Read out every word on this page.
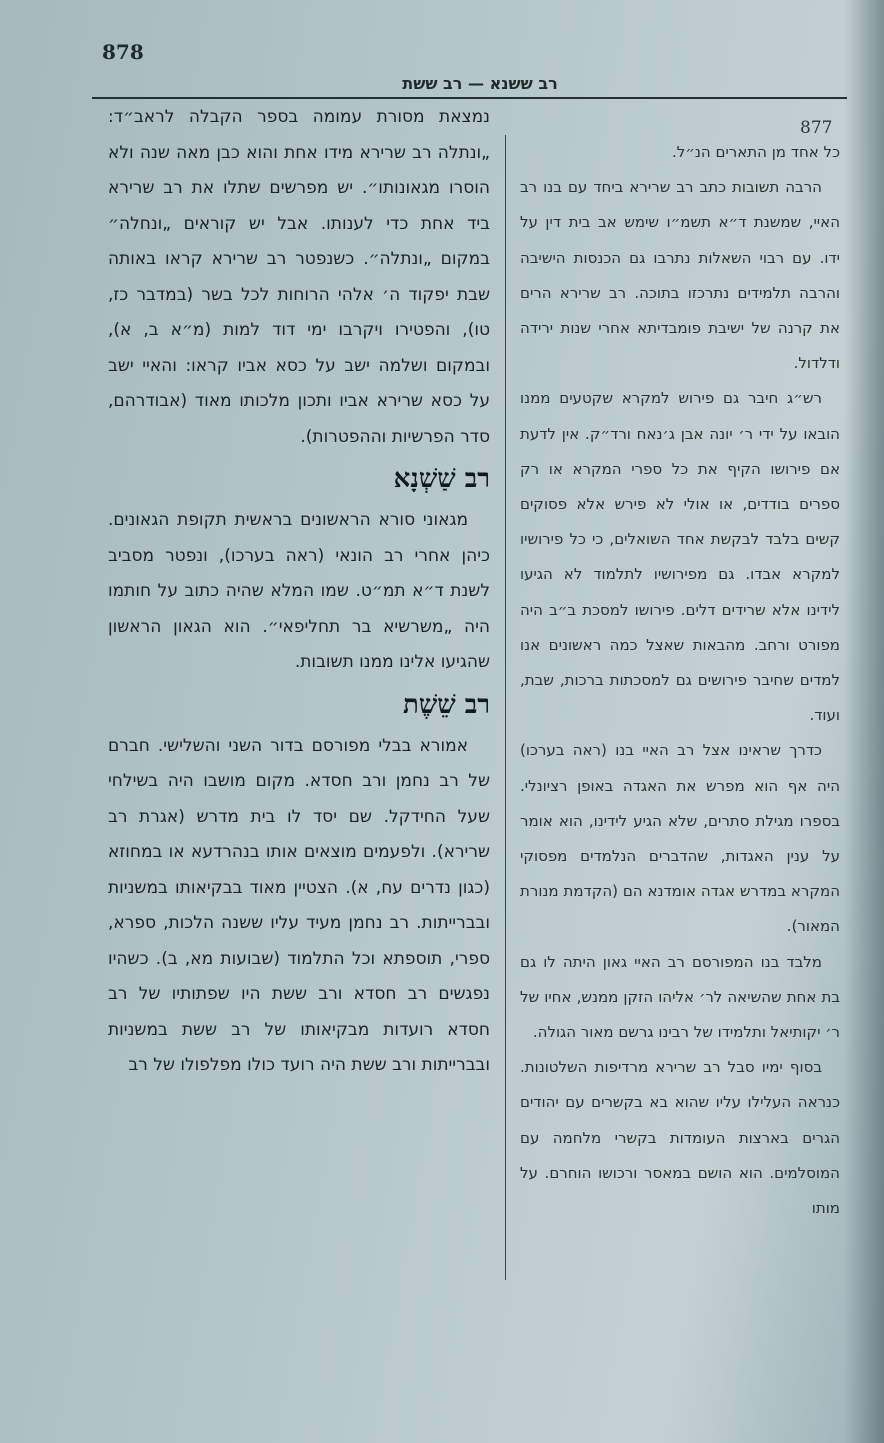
878
רב ששנא — רב ששת
877

כל אחד מן התארים הנ״ל.

הרבה תשובות כתב רב שרירא ביחד עם בנו רב האיי, שמשנת ד״א תשמ״ו שימש אב בית דין על ידו. עם רבוי השאלות נתרבו גם הכנסות הישיבה והרבה תלמידים נתרכזו בתוכה. רב שרירא הרים את קרנה של ישיבת פומבדיתא אחרי שנות ירידה ודלדול.

רש״ג חיבר גם פירוש למקרא שקטעים ממנו הובאו על ידי ר׳ יונה אבן ג׳נאח ורד״ק. אין לדעת אם פירושו הקיף את כל ספרי המקרא או רק ספרים בודדים, או אולי לא פירש אלא פסוקים קשים בלבד לבקשת אחד השואלים, כי כל פירושיו למקרא אבדו. גם מפירושיו לתלמוד לא הגיעו לידינו אלא שרידים דלים. פירושו למסכת ב״ב היה מפורט ורחב. מהבאות שאצל כמה ראשונים אנו למדים שחיבר פירושים גם למסכתות ברכות, שבת, ועוד.

כדרך שראינו אצל רב האיי בנו (ראה בערכו) היה אף הוא מפרש את האגדה באופן רציונלי. בספרו מגילת סתרים, שלא הגיע לידינו, הוא אומר על ענין האגדות, שהדברים הנלמדים מפסוקי המקרא במדרש אגדה אומדנא הם (הקדמת מנורת המאור).

מלבד בנו המפורסם רב האיי גאון היתה לו גם בת אחת שהשיאה לר׳ אליהו הזקן ממנש, אחיו של ר׳ יקותיאל ותלמידו של רבינו גרשם מאור הגולה.

בסוף ימיו סבל רב שרירא מרדיפות השלטונות. כנראה העלילו עליו שהוא בא בקשרים עם יהודים הגרים בארצות העומדות בקשרי מלחמה עם המוסלמים. הוא הושם במאסר ורכושו הוחרם. על מותו

נמצאת מסורת עמומה בספר הקבלה לראב״ד: „ונתלה רב שרירא מידו אחת והוא כבן מאה שנה ולא הוסרו מגאונותו״. יש מפרשים שתלו את רב שרירא ביד אחת כדי לענותו. אבל יש קוראים „ונחלה״ במקום „ונתלה״. כשנפטר רב שרירא קראו באותה שבת יפקוד ה׳ אלהי הרוחות לכל בשר (במדבר כז, טו), והפטירו ויקרבו ימי דוד למות (מ״א ב, א), ובמקום ושלמה ישב על כסא אביו קראו: והאיי ישב על כסא שרירא אביו ותכון מלכותו מאוד (אבודרהם, סדר הפרשיות וההפטרות).

רב שַׁשְׁנָא

מגאוני סורא הראשונים בראשית תקופת הגאונים. כיהן אחרי רב הונאי (ראה בערכו), ונפטר מסביב לשנת ד״א תמ״ט. שמו המלא שהיה כתוב על חותמו היה „משרשיא בר תחליפאי״. הוא הגאון הראשון שהגיעו אלינו ממנו תשובות.

רב שֵׁשֶׁת

אמורא בבלי מפורסם בדור השני והשלישי. חברם של רב נחמן ורב חסדא. מקום מושבו היה בשילחי שעל החידקל. שם יסד לו בית מדרש (אגרת רב שרירא). ולפעמים מוצאים אותו בנהרדעא או במחוזא (כגון נדרים עח, א). הצטיין מאוד בבקיאותו במשניות ובברייתות. רב נחמן מעיד עליו ששנה הלכות, ספרא, ספרי, תוספתא וכל התלמוד (שבועות מא, ב). כשהיו נפגשים רב חסדא ורב ששת היו שפתותיו של רב חסדא רועדות מבקיאותו של רב ששת במשניות ובברייתות ורב ששת היה רועד כולו מפלפולו של רב
